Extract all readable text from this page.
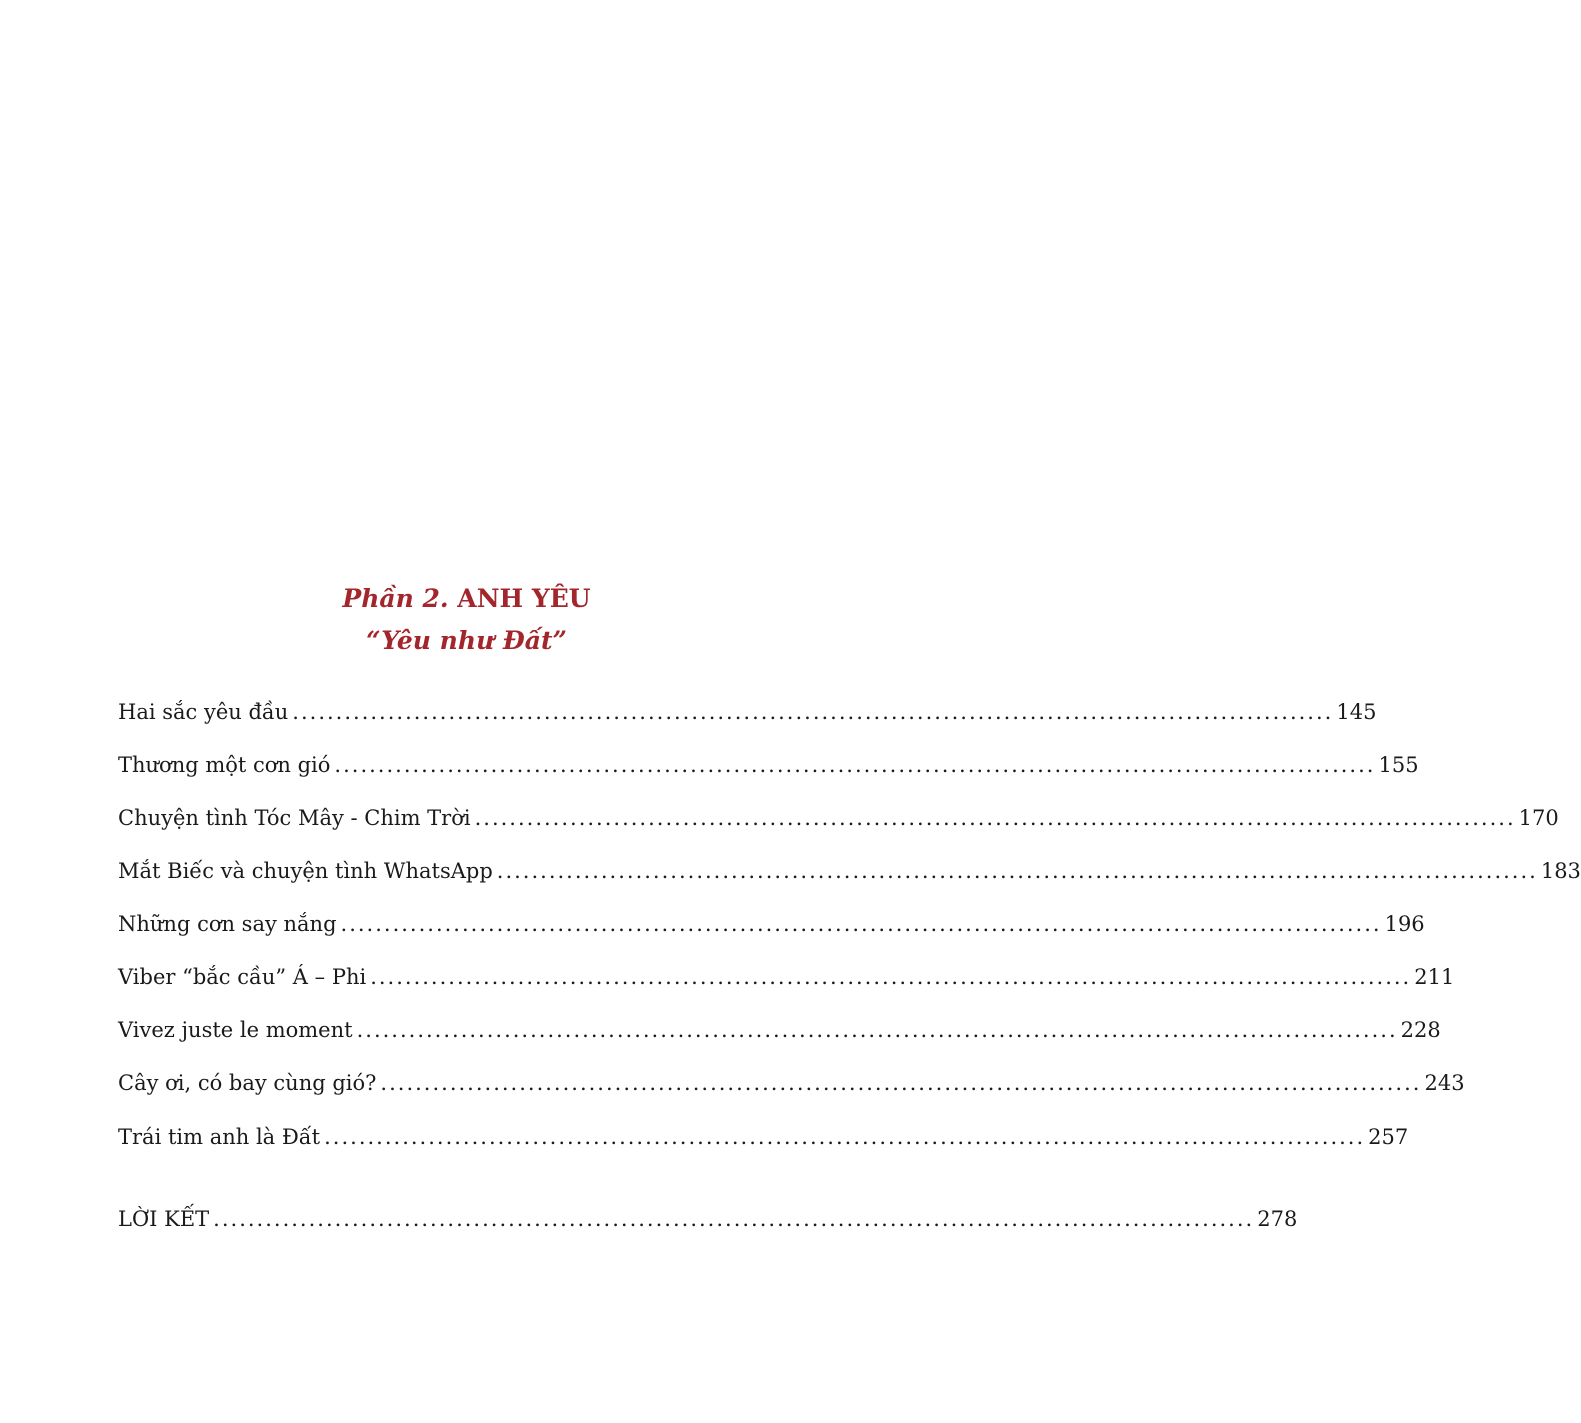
Phần 2. ANH YÊU
“Yêu như Đất”
Hai sắc yêu đầu ........................................................................................................................ 145
Thương một cơn gió ........................................................................................................................ 155
Chuyện tình Tóc Mây - Chim Trời ........................................................................................................................ 170
Mắt Biếc và chuyện tình WhatsApp ........................................................................................................................ 183
Những cơn say nắng ........................................................................................................................ 196
Viber “bắc cầu” Á – Phi ........................................................................................................................ 211
Vivez juste le moment ........................................................................................................................ 228
Cây ơi, có bay cùng gió? ........................................................................................................................ 243
Trái tim anh là Đất ........................................................................................................................ 257
LỜI KẾT ........................................................................................................................ 278
